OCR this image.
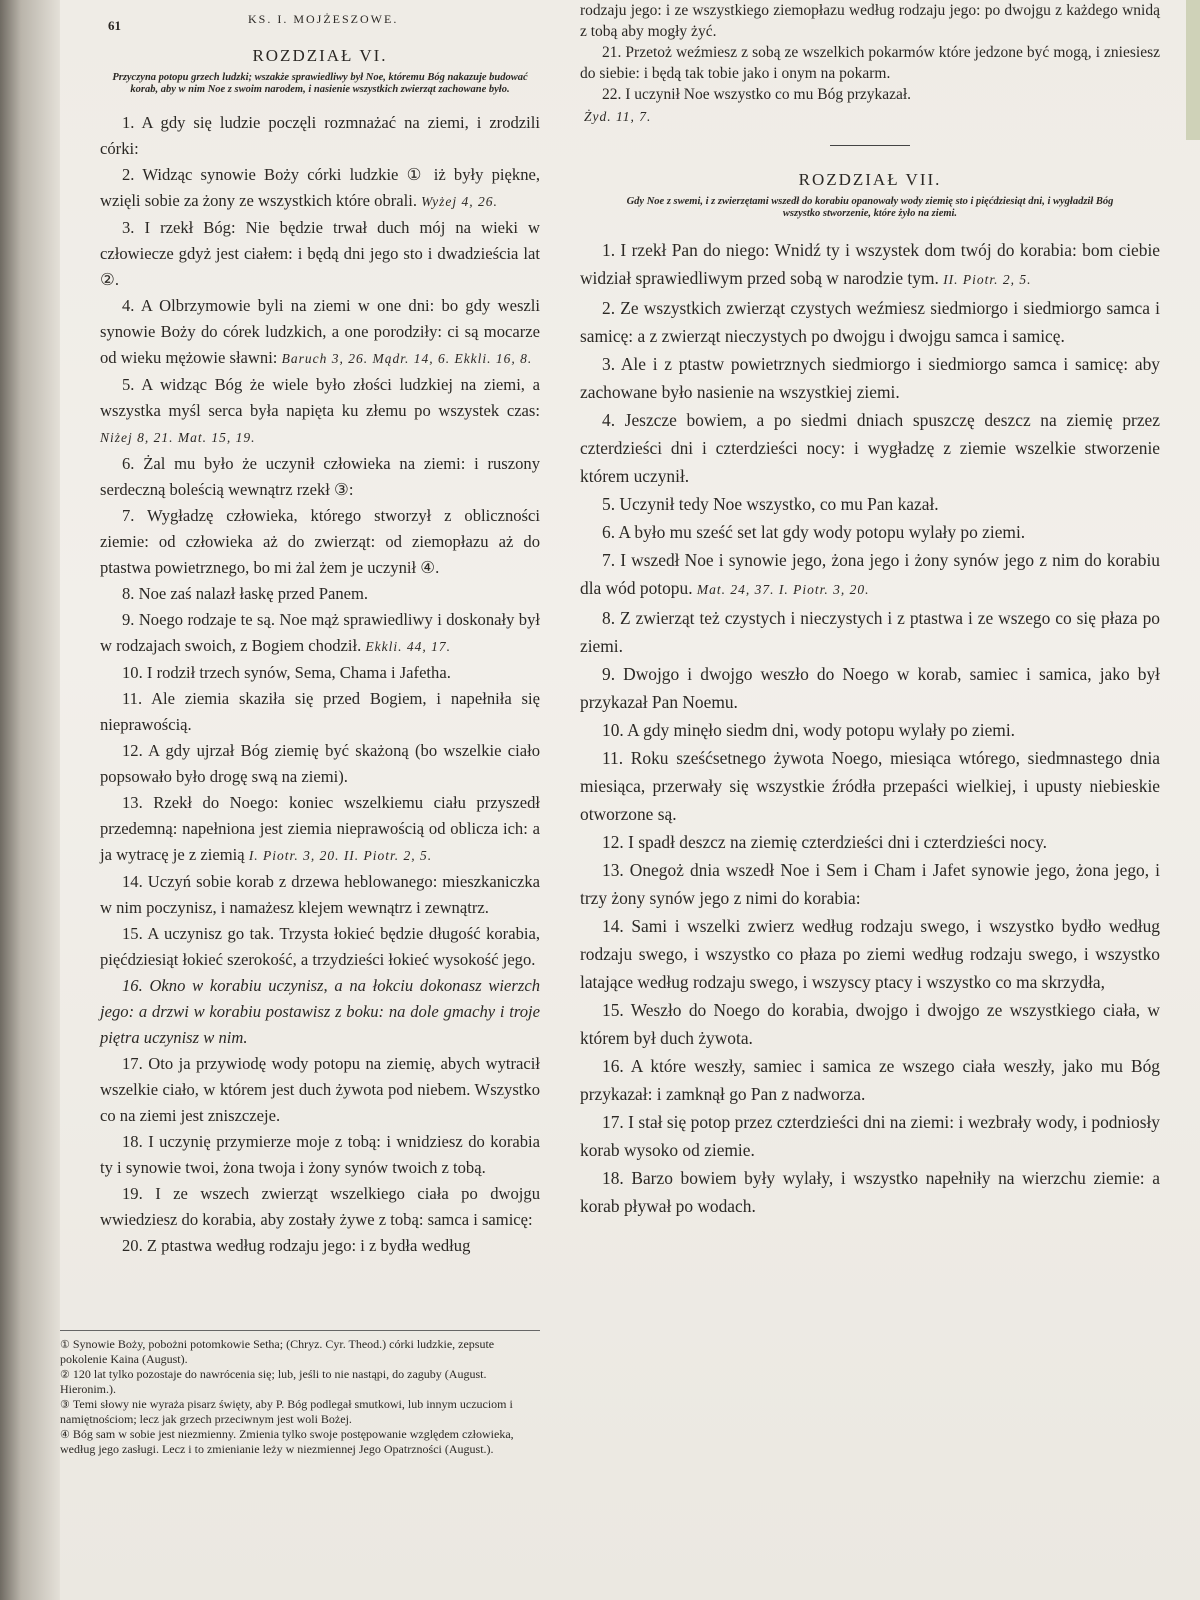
61	KS. I. MOJŻESZOWE.
ROZDZIAŁ VI.
Przyczyna potopu grzech ludzki; wszakże sprawiedliwy był Noe, któremu Bóg nakazuje budować korab, aby w nim Noe z swoim narodem, i nasienie wszystkich zwierząt zachowane było.

1. A gdy się ludzie poczęli rozmnażać na ziemi, i zrodzili córki:

2. Widząc synowie Boży córki ludzkie ① iż były piękne, wzięli sobie za żony ze wszystkich które obrali. Wyżej 4, 26.

3. I rzekł Bóg: Nie będzie trwał duch mój na wieki w człowiecze gdyż jest ciałem: i będą dni jego sto i dwadzieścia lat ②.

4. A Olbrzymowie byli na ziemi w one dni: bo gdy weszli synowie Boży do córek ludzkich, a one porodziły: ci są mocarze od wieku mężowie sławni: Baruch 3, 26. Mądr. 14, 6. Ekkli. 16, 8.

5. A widząc Bóg że wiele było złości ludzkiej na ziemi, a wszystka myśl serca była napięta ku złemu po wszystek czas: Niżej 8, 21. Mat. 15, 19.

6. Żal mu było że uczynił człowieka na ziemi: i ruszony serdeczną boleścią wewnątrz rzekł ③:

7. Wygładzę człowieka, którego stworzył z obliczności ziemie: od człowieka aż do zwierząt: od ziemopłazu aż do ptastwa powietrznego, bo mi żal żem je uczynił ④.

8. Noe zaś nalazł łaskę przed Panem.

9. Noego rodzaje te są. Noe mąż sprawiedliwy i doskonały był w rodzajach swoich, z Bogiem chodził. Ekkli. 44, 17.

10. I rodził trzech synów, Sema, Chama i Jafetha.

11. Ale ziemia skaziła się przed Bogiem, i napełniła się nieprawością.

12. A gdy ujrzał Bóg ziemię być skażoną (bo wszelkie ciało popsowało było drogę swą na ziemi).

13. Rzekł do Noego: koniec wszelkiemu ciału przyszedł przedemną: napełniona jest ziemia nieprawością od oblicza ich: a ja wytracę je z ziemią I. Piotr. 3, 20. II. Piotr. 2, 5.

14. Uczyń sobie korab z drzewa heblowanego: mieszkaniczka w nim poczynisz, i namażesz klejem wewnątrz i zewnątrz.

15. A uczynisz go tak. Trzysta łokieć będzie długość korabia, pięćdziesiąt łokieć szerokość, a trzydzieści łokieć wysokość jego.

16. Okno w korabiu uczynisz, a na łokciu dokonasz wierzch jego: a drzwi w korabiu postawisz z boku: na dole gmachy i troje piętra uczynisz w nim.

17. Oto ja przywiodę wody potopu na ziemię, abych wytracił wszelkie ciało, w którem jest duch żywota pod niebem. Wszystko co na ziemi jest zniszczeje.

18. I uczynię przymierze moje z tobą: i wnidziesz do korabia ty i synowie twoi, żona twoja i żony synów twoich z tobą.

19. I ze wszech zwierząt wszelkiego ciała po dwojgu wwiedziesz do korabia, aby zostały żywe z tobą: samca i samicę:

20. Z ptastwa według rodzaju jego: i z bydła według

rodzaju jego: i ze wszystkiego ziemopłazu według rodzaju jego: po dwojgu z każdego wnidą z tobą aby mogły żyć.

21. Przetoż weźmiesz z sobą ze wszelkich pokarmów które jedzone być mogą, i zniesiesz do siebie: i będą tak tobie jako i onym na pokarm.

22. I uczynił Noe wszystko co mu Bóg przykazał.

Żyd. 11, 7.
ROZDZIAŁ VII.
Gdy Noe z swemi, i z zwierzętami wszedł do korabiu opanowały wody ziemię sto i pięćdziesiąt dni, i wygładził Bóg wszystko stworzenie, które żyło na ziemi.

1. I rzekł Pan do niego: Wnidź ty i wszystek dom twój do korabia: bom ciebie widział sprawiedliwym przed sobą w narodzie tym. II. Piotr. 2, 5.

2. Ze wszystkich zwierząt czystych weźmiesz siedmiorgo i siedmiorgo samca i samicę: a z zwierząt nieczystych po dwojgu i dwojgu samca i samicę.

3. Ale i z ptastw powietrznych siedmiorgo i siedmiorgo samca i samicę: aby zachowane było nasienie na wszystkiej ziemi.

4. Jeszcze bowiem, a po siedmi dniach spuszczę deszcz na ziemię przez czterdzieści dni i czterdzieści nocy: i wygładzę z ziemie wszelkie stworzenie którem uczynił.

5. Uczynił tedy Noe wszystko, co mu Pan kazał.

6. A było mu sześć set lat gdy wody potopu wylały po ziemi.

7. I wszedł Noe i synowie jego, żona jego i żony synów jego z nim do korabiu dla wód potopu. Mat. 24, 37. I. Piotr. 3, 20.

8. Z zwierząt też czystych i nieczystych i z ptastwa i ze wszego co się płaza po ziemi.

9. Dwojgo i dwojgo weszło do Noego w korab, samiec i samica, jako był przykazał Pan Noemu.

10. A gdy minęło siedm dni, wody potopu wylały po ziemi.

11. Roku sześćsetnego żywota Noego, miesiąca wtórego, siedmnastego dnia miesiąca, przerwały się wszystkie źródła przepaści wielkiej, i upusty niebieskie otworzone są.

12. I spadł deszcz na ziemię czterdzieści dni i czterdzieści nocy.

13. Onegoż dnia wszedł Noe i Sem i Cham i Jafet synowie jego, żona jego, i trzy żony synów jego z nimi do korabia:

14. Sami i wszelki zwierz według rodzaju swego, i wszystko bydło według rodzaju swego, i wszystko co płaza po ziemi według rodzaju swego, i wszystko latające według rodzaju swego, i wszyscy ptacy i wszystko co ma skrzydła,

15. Weszło do Noego do korabia, dwojgo i dwojgo ze wszystkiego ciała, w którem był duch żywota.

16. A które weszły, samiec i samica ze wszego ciała weszły, jako mu Bóg przykazał: i zamknął go Pan z nadworza.

17. I stał się potop przez czterdzieści dni na ziemi: i wezbrały wody, i podniosły korab wysoko od ziemie.

18. Barzo bowiem były wylały, i wszystko napełniły na wierzchu ziemie: a korab pływał po wodach.

① Synowie Boży, pobożni potomkowie Setha; (Chryz. Cyr. Theod.) córki ludzkie, zepsute pokolenie Kaina (August).

② 120 lat tylko pozostaje do nawrócenia się; lub, jeśli to nie nastąpi, do zaguby (August. Hieronim.).

③ Temi słowy nie wyraża pisarz święty, aby P. Bóg podlegał smutkowi, lub innym uczuciom i namiętnościom; lecz jak grzech przeciwnym jest woli Bożej.

④ Bóg sam w sobie jest niezmienny. Zmienia tylko swoje postępowanie względem człowieka, według jego zasługi. Lecz i to zmienianie leży w niezmiennej Jego Opatrzności (August.).
